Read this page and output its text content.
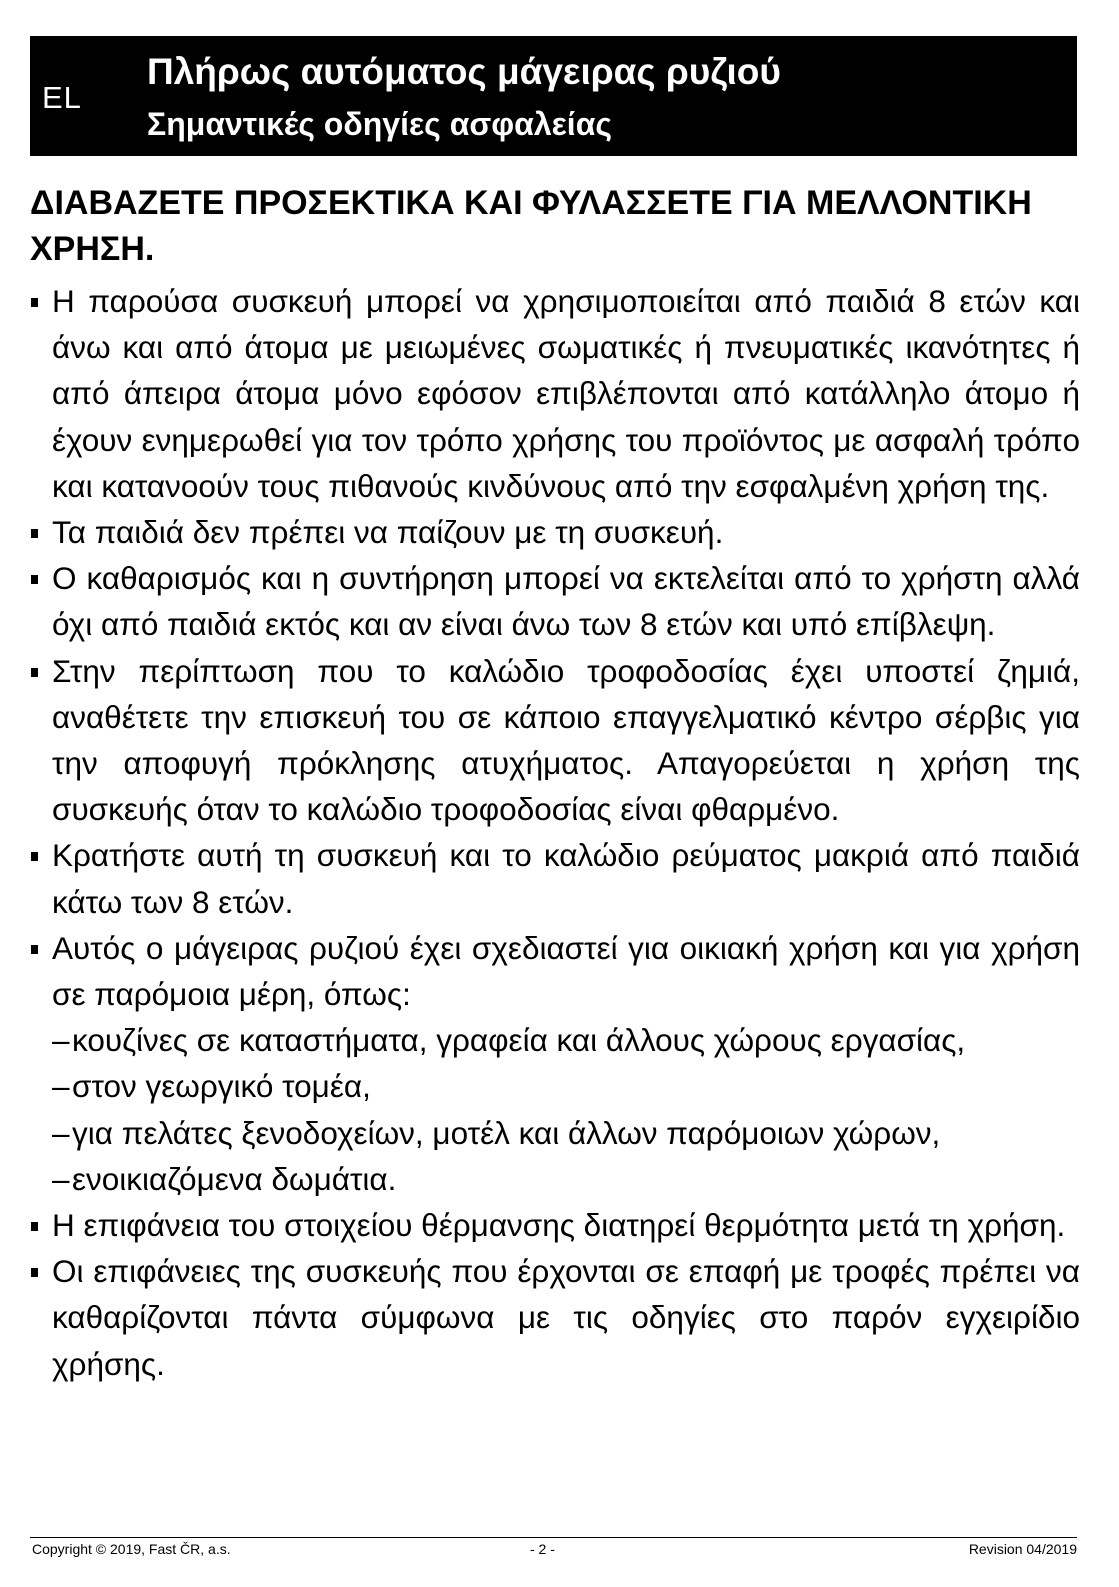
EL
Πλήρως αυτόματος μάγειρας ρυζιού
Σημαντικές οδηγίες ασφαλείας
ΔΙΑΒΑΖΕΤΕ ΠΡΟΣΕΚΤΙΚΑ ΚΑΙ ΦΥΛΑΣΣΕΤΕ ΓΙΑ ΜΕΛΛΟΝΤΙΚΗ ΧΡΗΣΗ.
Η παρούσα συσκευή μπορεί να χρησιμοποιείται από παιδιά 8 ετών και άνω και από άτομα με μειωμένες σωματικές ή πνευματικές ικανότητες ή από άπειρα άτομα μόνο εφόσον επιβλέπονται από κατάλληλο άτομο ή έχουν ενημερωθεί για τον τρόπο χρήσης του προϊόντος με ασφαλή τρόπο και κατανοούν τους πιθανούς κινδύνους από την εσφαλμένη χρήση της.
Τα παιδιά δεν πρέπει να παίζουν με τη συσκευή.
Ο καθαρισμός και η συντήρηση μπορεί να εκτελείται από το χρήστη αλλά όχι από παιδιά εκτός και αν είναι άνω των 8 ετών και υπό επίβλεψη.
Στην περίπτωση που το καλώδιο τροφοδοσίας έχει υποστεί ζημιά, αναθέτετε την επισκευή του σε κάποιο επαγγελματικό κέντρο σέρβις για την αποφυγή πρόκλησης ατυχήματος. Απαγορεύεται η χρήση της συσκευής όταν το καλώδιο τροφοδοσίας είναι φθαρμένο.
Κρατήστε αυτή τη συσκευή και το καλώδιο ρεύματος μακριά από παιδιά κάτω των 8 ετών.
Αυτός ο μάγειρας ρυζιού έχει σχεδιαστεί για οικιακή χρήση και για χρήση σε παρόμοια μέρη, όπως:
–κουζίνες σε καταστήματα, γραφεία και άλλους χώρους εργασίας,
–στον γεωργικό τομέα,
–για πελάτες ξενοδοχείων, μοτέλ και άλλων παρόμοιων χώρων,
–ενοικιαζόμενα δωμάτια.
Η επιφάνεια του στοιχείου θέρμανσης διατηρεί θερμότητα μετά τη χρήση.
Οι επιφάνειες της συσκευής που έρχονται σε επαφή με τροφές πρέπει να καθαρίζονται πάντα σύμφωνα με τις οδηγίες στο παρόν εγχειρίδιο χρήσης.
Copyright © 2019, Fast ČR, a.s.	- 2 -	Revision 04/2019
